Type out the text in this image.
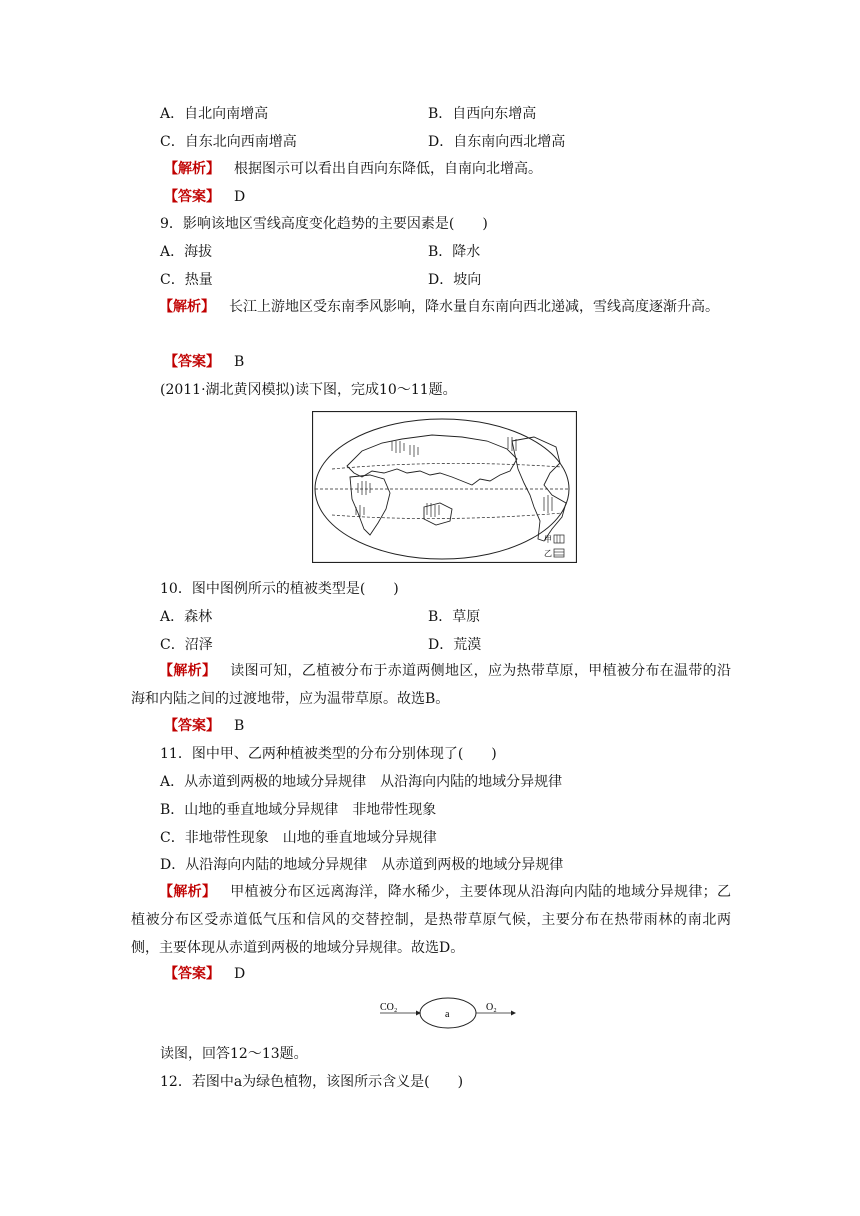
A．自北向南增高	B．自西向东增高
C．自东北向西南增高	D．自东南向西北增高
【解析】 根据图示可以看出自西向东降低，自南向北增高。
【答案】 D
9．影响该地区雪线高度变化趋势的主要因素是(　　)
A．海拔	B．降水
C．热量	D．坡向
【解析】 长江上游地区受东南季风影响，降水量自东南向西北递减，雪线高度逐渐升高。
【答案】 B
(2011·湖北黄冈模拟)读下图，完成10～11题。
甲
乙
10．图中图例所示的植被类型是(　　)
A．森林	B．草原
C．沼泽	D．荒漠
【解析】 读图可知，乙植被分布于赤道两侧地区，应为热带草原，甲植被分布在温带的沿海和内陆之间的过渡地带，应为温带草原。故选B。
【答案】 B
11．图中甲、乙两种植被类型的分布分别体现了(　　)
A．从赤道到两极的地域分异规律　从沿海向内陆的地域分异规律
B．山地的垂直地域分异规律　非地带性现象
C．非地带性现象　山地的垂直地域分异规律
D．从沿海向内陆的地域分异规律　从赤道到两极的地域分异规律
【解析】 甲植被分布区远离海洋，降水稀少，主要体现从沿海向内陆的地域分异规律；乙植被分布区受赤道低气压和信风的交替控制，是热带草原气候，主要分布在热带雨林的南北两侧，主要体现从赤道到两极的地域分异规律。故选D。
【答案】 D
CO₂
a
O₂
读图，回答12～13题。
12．若图中a为绿色植物，该图所示含义是(　　)
